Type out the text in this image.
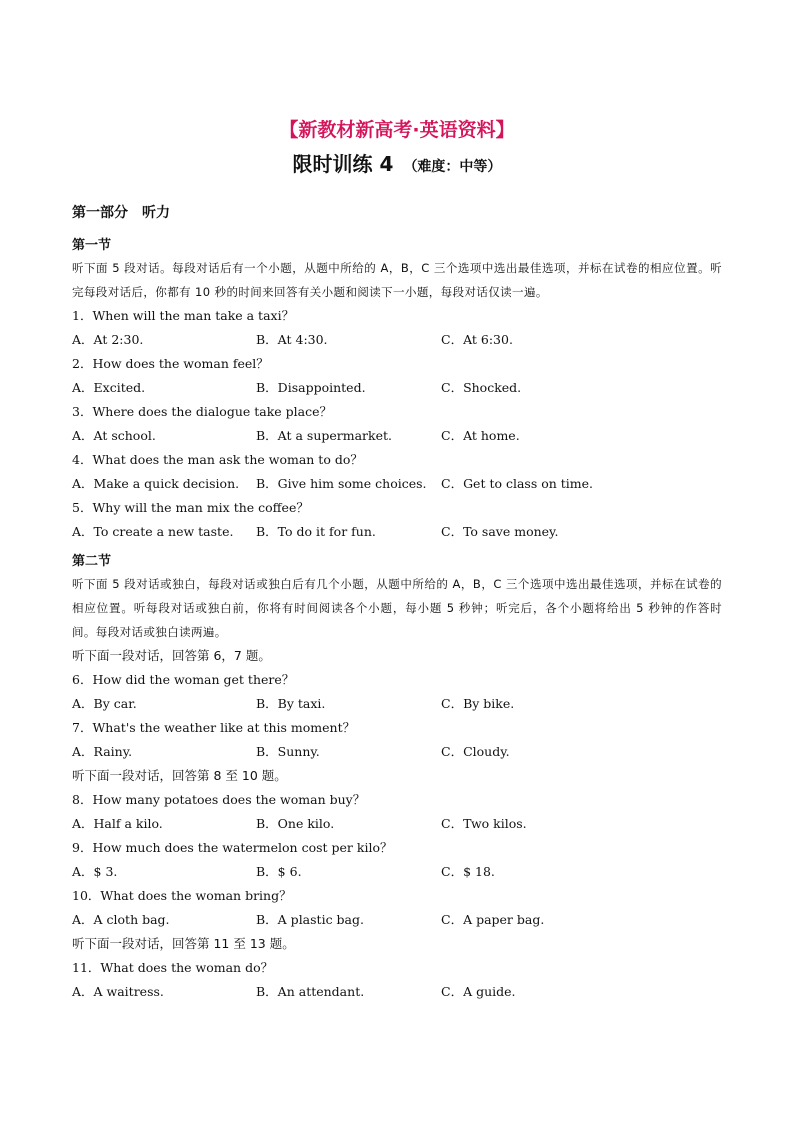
【新教材新高考·英语资料】
限时训练 4 （难度：中等）
第一部分 听力
第一节
听下面 5 段对话。每段对话后有一个小题，从题中所给的 A，B，C 三个选项中选出最佳选项，并标在试卷的相应位置。听完每段对话后，你都有 10 秒的时间来回答有关小题和阅读下一小题，每段对话仅读一遍。
1．When will the man take a taxi？
A．At 2:30.	B．At 4:30.	C．At 6:30.
2．How does the woman feel？
A．Excited.	B．Disappointed.	C．Shocked.
3．Where does the dialogue take place？
A．At school.	B．At a supermarket.	C．At home.
4．What does the man ask the woman to do？
A．Make a quick decision. B．Give him some choices. C．Get to class on time.
5．Why will the man mix the coffee？
A．To create a new taste. B．To do it for fun.	C．To save money.
第二节
听下面 5 段对话或独白，每段对话或独白后有几个小题，从题中所给的 A，B，C 三个选项中选出最佳选项，并标在试卷的相应位置。听每段对话或独白前，你将有时间阅读各个小题，每小题 5 秒钟；听完后，各个小题将给出 5 秒钟的作答时间。每段对话或独白读两遍。
听下面一段对话，回答第 6，7 题。
6．How did the woman get there？
A．By car.	B．By taxi.	C．By bike.
7．What's the weather like at this moment？
A．Rainy.	B．Sunny.	C．Cloudy.
听下面一段对话，回答第 8 至 10 题。
8．How many potatoes does the woman buy？
A．Half a kilo.	B．One kilo.	C．Two kilos.
9．How much does the watermelon cost per kilo？
A．$ 3.	B．$ 6.	C．$ 18.
10．What does the woman bring？
A．A cloth bag.	B．A plastic bag.	C．A paper bag.
听下面一段对话，回答第 11 至 13 题。
11．What does the woman do？
A．A waitress.	B．An attendant.	C．A guide.
